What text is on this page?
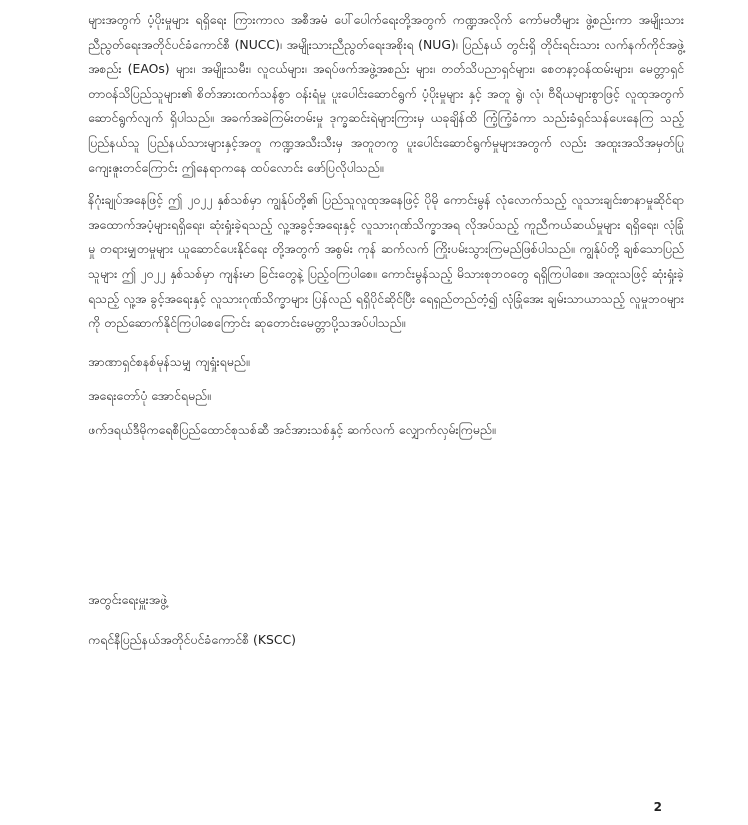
များအတွက် ပံ့ပိုးမှုများ ရရှိရေး ကြားကာလ အစီအမံ ပေါ်ပေါက်ရေးတို့အတွက် ကဏ္ဍအလိုက် ကော်မတီများ ဖွဲ့စည်းကာ အမျိုးသားညီညွတ်ရေးအတိုင်ပင်ခံကောင်စီ (NUCC)၊ အမျိုးသားညီညွတ်ရေးအစိုးရ (NUG)၊ ပြည်နယ် တွင်းရှိ တိုင်းရင်းသား လက်နက်ကိုင်အဖွဲ့အစည်း (EAOs) များ၊ အမျိုးသမီး၊ လူငယ်များ၊ အရပ်ဖက်အဖွဲ့အစည်း များ၊ တတ်သိပညာရှင်များ၊ စေတနာ့ဝန်ထမ်းများ၊ မေတ္တာရှင် တာဝန်သိပြည်သူများ၏ စိတ်အားထက်သန်စွာ ဝန်းရံမှု ပူးပေါင်းဆောင်ရွက် ပံ့ပိုးမှုများ နှင့် အတူ ရွဲ၊ လုံ၊ ဗီရိယများစွာဖြင့် လူထုအတွက် ဆောင်ရွက်လျက် ရှိပါသည်။ အခက်အခဲကြမ်းတမ်းမှု ဒုက္ခဆင်းရဲများကြားမှ ယခုချိန်ထိ ကြံ့ကြံ့ခံကာ သည်းခံရှင်သန်ပေးနေကြ သည့် ပြည်နယ်သူ ပြည်နယ်သားများနှင့်အတူ ကဏ္ဍအသီးသီးမှ အတူတကွ ပူးပေါင်းဆောင်ရွက်မှုများအတွက် လည်း အထူးအသိအမှတ်ပြု ကျေးဇူးတင်ကြောင်း ဤနေရာကနေ ထပ်လောင်း ဖော်ပြလိုပါသည်။

နိဂုံးချုပ်အနေဖြင့် ဤ ၂၀၂၂ နှစ်သစ်မှာ ကျွန်ုပ်တို့၏ ပြည်သူလူထုအနေဖြင့် ပိုမို ကောင်းမွန် လုံလောက်သည့် လူသားချင်းစာနာမှုဆိုင်ရာအထောက်အပံ့များရရှိရေး၊ ဆုံးရှုံးခဲ့ရသည့် လူ့အခွင့်အရေးနှင့် လူသားဂုဏ်သိက္ခာအရ လိုအပ်သည့် ကူညီကယ်ဆယ်မှုများ ရရှိရေး၊ လုံခြုံမှု တရားမျှတမှုများ ယူဆောင်ပေးနိုင်ရေး တို့အတွက် အစွမ်း ကုန် ဆက်လက် ကြိုးပမ်းသွားကြမည်ဖြစ်ပါသည်။ ကျွန်ုပ်တို့ ချစ်သောပြည်သူများ ဤ ၂၀၂၂ နှစ်သစ်မှာ ကျန်းမာ ခြင်းတွေနဲ့ ပြည့်ဝကြပါစေ။ ကောင်းမွန်သည့် မိသားစုဘဝတွေ ရရှိကြပါစေ။ အထူးသဖြင့် ဆုံးရှုံးခဲ့ရသည့် လူ့အ ခွင့်အရေးနှင့် လူသားဂုဏ်သိက္ခာများ ပြန်လည် ရရှိပိုင်ဆိုင်ပြီး ရေရှည်တည်တံ့၍ လုံခြုံအေး ချမ်းသာယာသည့် လူမှုဘဝများကို တည်ဆောက်နိုင်ကြပါစေကြောင်း ဆုတောင်းမေတ္တာပို့သအပ်ပါသည်။

အာဏာရှင်စနစ်မုန်သမျှ ကျရှုံးရမည်။

အရေးတော်ပုံ အောင်ရမည်။

ဖက်ဒရယ်ဒီမိုကရေစီပြည်ထောင်စုသစ်ဆီ အင်အားသစ်နှင့် ဆက်လက် လျှောက်လှမ်းကြမည်။

အတွင်းရေးမှူးအဖွဲ့

ကရင်နီပြည်နယ်အတိုင်ပင်ခံကောင်စီ (KSCC)

2
